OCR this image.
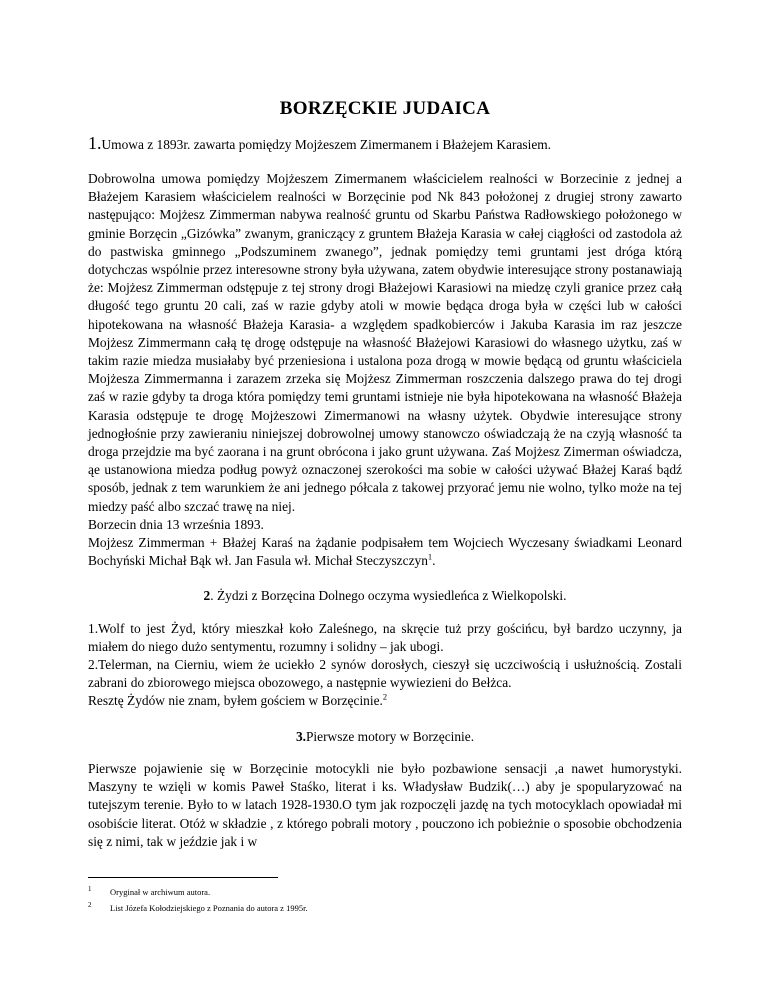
BORZĘCKIE JUDAICA
1.Umowa z 1893r. zawarta pomiędzy Mojżeszem Zimermanem i Błażejem Karasiem.

Dobrowolna umowa pomiędzy Mojżeszem Zimermanem właścicielem realności w Borzecinie z jednej a Błażejem Karasiem właścicielem realności w Borzęcinie pod Nk 843 położonej z drugiej strony zawarto następująco: Mojżesz Zimmerman nabywa realność gruntu od Skarbu Państwa Radłowskiego położonego w gminie Borzęcin „Gizówka” zwanym, graniczący z gruntem Błażeja Karasia w całej ciągłości od zastodola aż do pastwiska gminnego „Podszuminem zwanego”, jednak pomiędzy temi gruntami jest dróga którą dotychczas wspólnie przez interesowne strony była używana, zatem obydwie interesujące strony postanawiają że: Mojżesz Zimmerman odstępuje z tej strony drogi Błażejowi Karasiowi na miedzę czyli granice przez całą długość tego gruntu 20 cali, zaś w razie gdyby atoli w mowie będąca droga była w części lub w całości hipotekowana na własność Błażeja Karasia- a względem spadkobierców i Jakuba Karasia im raz jeszcze Mojżesz Zimmermann całą tę drogę odstępuje na własność Błażejowi Karasiowi do własnego użytku, zaś w takim razie miedza musiałaby być przeniesiona i ustalona poza drogą w mowie będącą od gruntu właściciela Mojżesza Zimmermanna i zarazem zrzeka się Mojżesz Zimmerman roszczenia dalszego prawa do tej drogi zaś w razie gdyby ta droga która pomiędzy temi gruntami istnieje nie była hipotekowana na własność Błażeja Karasia odstępuje te drogę Mojżeszowi Zimermanowi na własny użytek. Obydwie interesujące strony jednogłośnie przy zawieraniu niniejszej dobrowolnej umowy stanowczo oświadczają że na czyją własność ta droga przejdzie ma być zaorana i na grunt obrócona i jako grunt używana. Zaś Mojżesz Zimerman oświadcza, ąe ustanowiona miedza podług powyż oznaczonej szerokości ma sobie w całości używać Błażej Karaś bądź sposób, jednak z tem warunkiem że ani jednego półcala z takowej przyorać jemu nie wolno, tylko może na tej miedzy paść albo szczać trawę na niej.

Borzecin dnia 13 września 1893.

Mojżesz Zimmerman + Błażej Karaś na żądanie podpisałem tem Wojciech Wyczesany świadkami Leonard Bochyński Michał Bąk wł. Jan Fasula wł. Michał Steczyszczyn$^1$.

2. Żydzi z Borzęcina Dolnego oczyma wysiedleńca z Wielkopolski.

1.Wolf to jest Żyd, który mieszkał koło Zaleśnego, na skręcie tuż przy gościńcu, był bardzo uczynny, ja miałem do niego dużo sentymentu, rozumny i solidny – jak ubogi.

2.Telerman, na Cierniu, wiem że uciekło 2 synów dorosłych, cieszył się uczciwością i usłużnością. Zostali zabrani do zbiorowego miejsca obozowego, a następnie wywiezieni do Bełżca.

Resztę Żydów nie znam, byłem gościem w Borzęcinie.$^2$

3.Pierwsze motory w Borzęcinie.

Pierwsze pojawienie się w Borzęcinie motocykli nie było pozbawione sensacji ,a nawet humorystyki. Maszyny te wzięli w komis Paweł Staśko, literat i ks. Władysław Budzik(…) aby je spopularyzować na tutejszym terenie. Było to w latach 1928-1930.O tym jak rozpoczęli jazdę na tych motocyklach opowiadał mi osobiście literat. Otóż w składzie , z którego pobrali motory , pouczono ich pobieżnie o sposobie obchodzenia się z nimi, tak w jeździe jak i w

1 Oryginał w archiwum autora.
2 List Józefa Kołodziejskiego z Poznania do autora z 1995r.
